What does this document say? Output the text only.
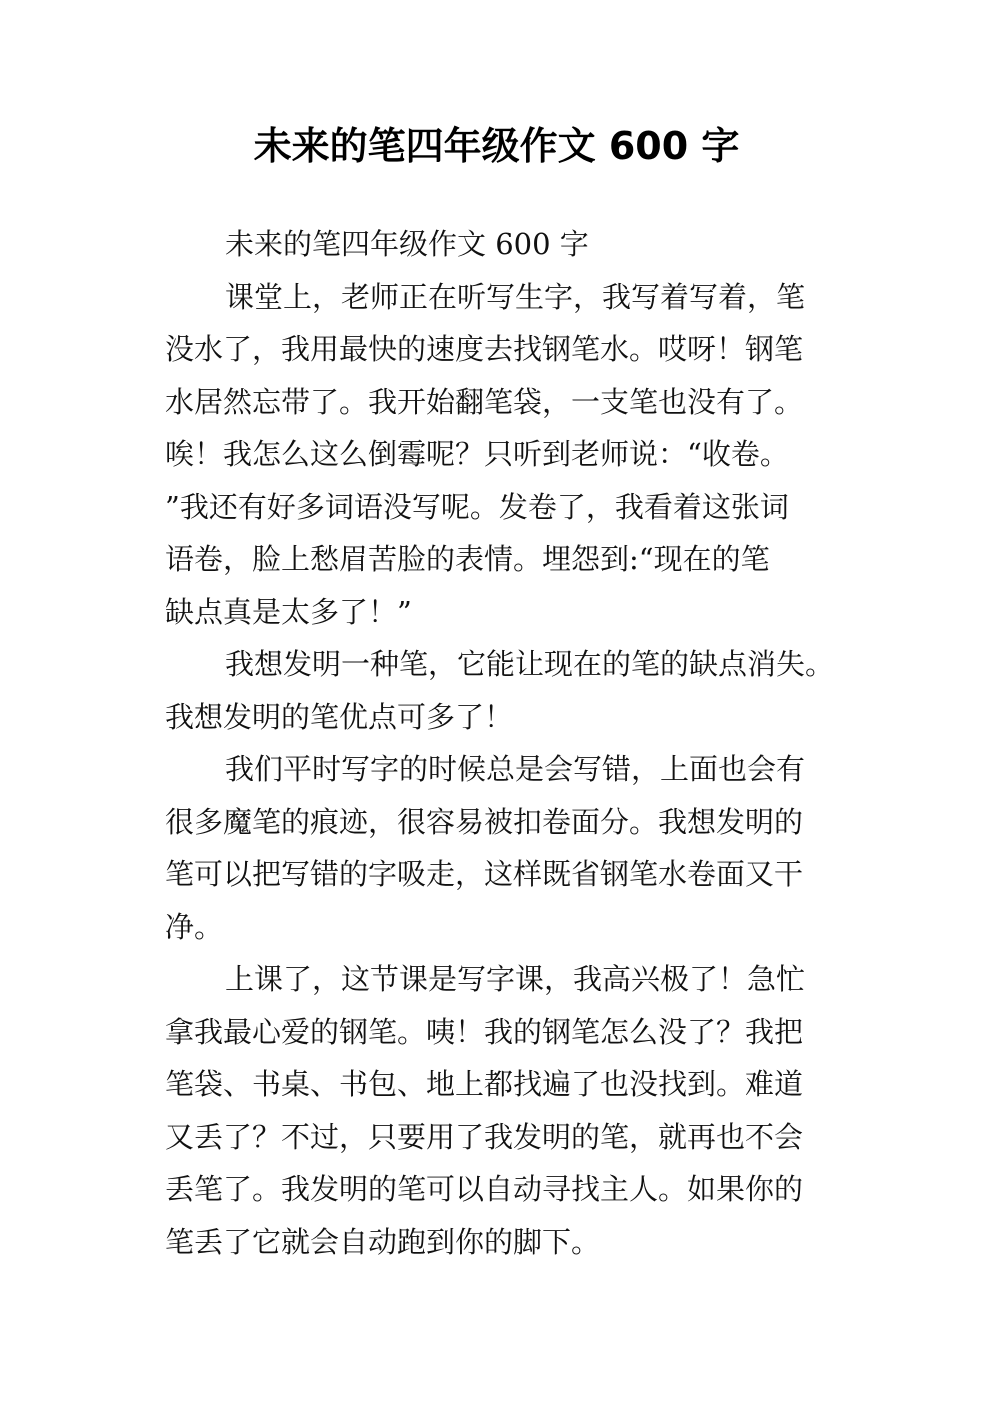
未来的笔四年级作文 600 字
未来的笔四年级作文 600 字
课堂上，老师正在听写生字，我写着写着，笔
没水了，我用最快的速度去找钢笔水。哎呀！钢笔
水居然忘带了。我开始翻笔袋，一支笔也没有了。
唉！我怎么这么倒霉呢？只听到老师说：“收卷。
”我还有好多词语没写呢。发卷了，我看着这张词
语卷，脸上愁眉苦脸的表情。埋怨到:“现在的笔
缺点真是太多了！”
我想发明一种笔，它能让现在的笔的缺点消失。
我想发明的笔优点可多了！
我们平时写字的时候总是会写错，上面也会有
很多魔笔的痕迹，很容易被扣卷面分。我想发明的
笔可以把写错的字吸走，这样既省钢笔水卷面又干
净。
上课了，这节课是写字课，我高兴极了！急忙
拿我最心爱的钢笔。咦！我的钢笔怎么没了？我把
笔袋、书桌、书包、地上都找遍了也没找到。难道
又丢了？不过，只要用了我发明的笔，就再也不会
丢笔了。我发明的笔可以自动寻找主人。如果你的
笔丢了它就会自动跑到你的脚下。
